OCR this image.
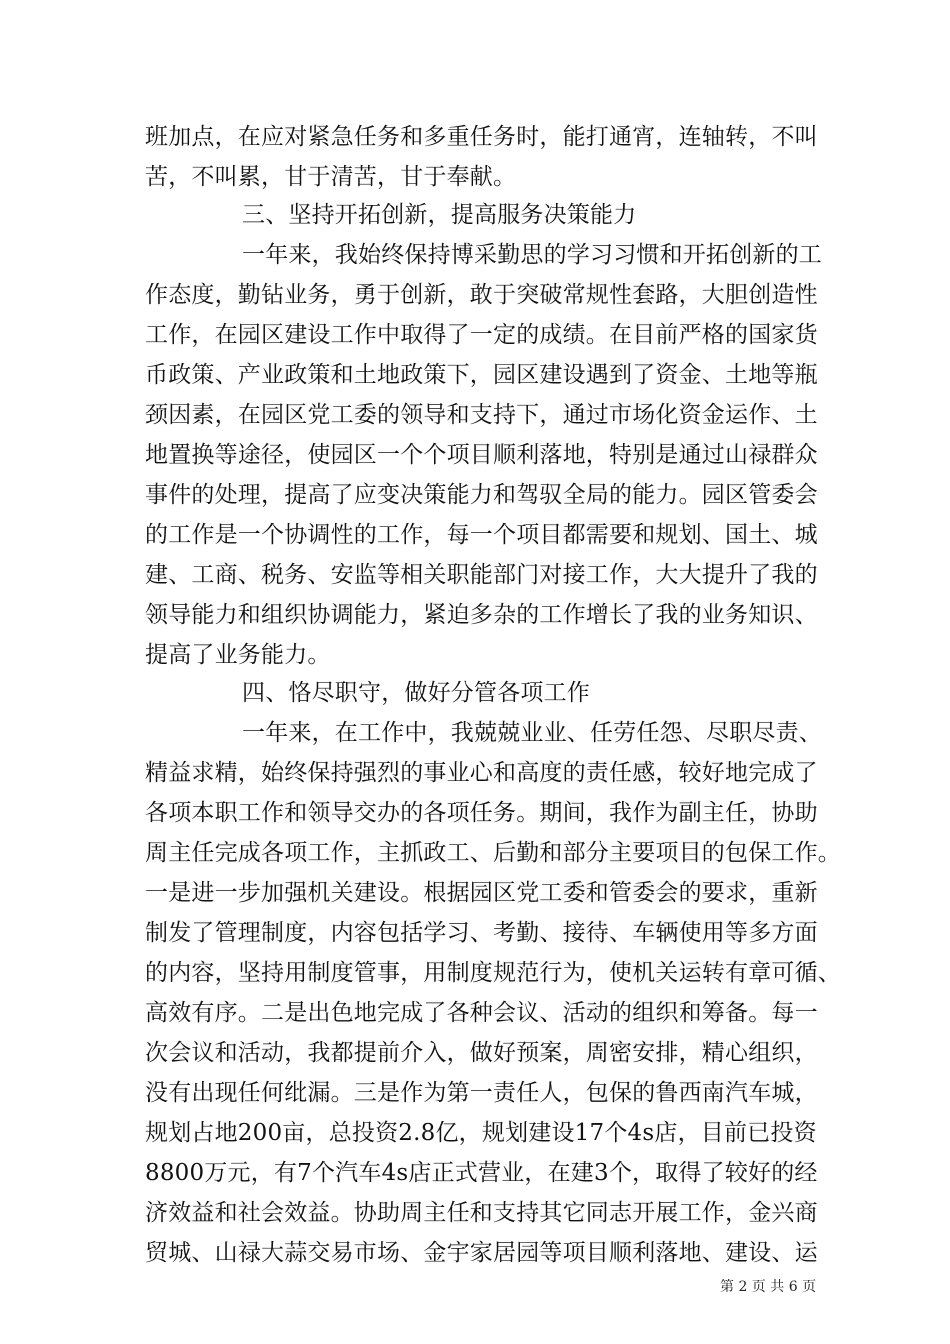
班加点，在应对紧急任务和多重任务时，能打通宵，连轴转，不叫
苦，不叫累，甘于清苦，甘于奉献。
三、坚持开拓创新，提高服务决策能力
一年来，我始终保持博采勤思的学习习惯和开拓创新的工
作态度，勤钻业务，勇于创新，敢于突破常规性套路，大胆创造性
工作，在园区建设工作中取得了一定的成绩。在目前严格的国家货
币政策、产业政策和土地政策下，园区建设遇到了资金、土地等瓶
颈因素，在园区党工委的领导和支持下，通过市场化资金运作、土
地置换等途径，使园区一个个项目顺利落地，特别是通过山禄群众
事件的处理，提高了应变决策能力和驾驭全局的能力。园区管委会
的工作是一个协调性的工作，每一个项目都需要和规划、国土、城
建、工商、税务、安监等相关职能部门对接工作，大大提升了我的
领导能力和组织协调能力，紧迫多杂的工作增长了我的业务知识、
提高了业务能力。
四、恪尽职守，做好分管各项工作
一年来，在工作中，我兢兢业业、任劳任怨、尽职尽责、
精益求精，始终保持强烈的事业心和高度的责任感，较好地完成了
各项本职工作和领导交办的各项任务。期间，我作为副主任，协助
周主任完成各项工作，主抓政工、后勤和部分主要项目的包保工作。
一是进一步加强机关建设。根据园区党工委和管委会的要求，重新
制发了管理制度，内容包括学习、考勤、接待、车辆使用等多方面
的内容，坚持用制度管事，用制度规范行为，使机关运转有章可循、
高效有序。二是出色地完成了各种会议、活动的组织和筹备。每一
次会议和活动，我都提前介入，做好预案，周密安排，精心组织，
没有出现任何纰漏。三是作为第一责任人，包保的鲁西南汽车城，
规划占地200亩，总投资2.8亿，规划建设17个4s店，目前已投资
8800万元，有7个汽车4s店正式营业，在建3个，取得了较好的经
济效益和社会效益。协助周主任和支持其它同志开展工作，金兴商
贸城、山禄大蒜交易市场、金宇家居园等项目顺利落地、建设、运
第 2 页 共 6 页
